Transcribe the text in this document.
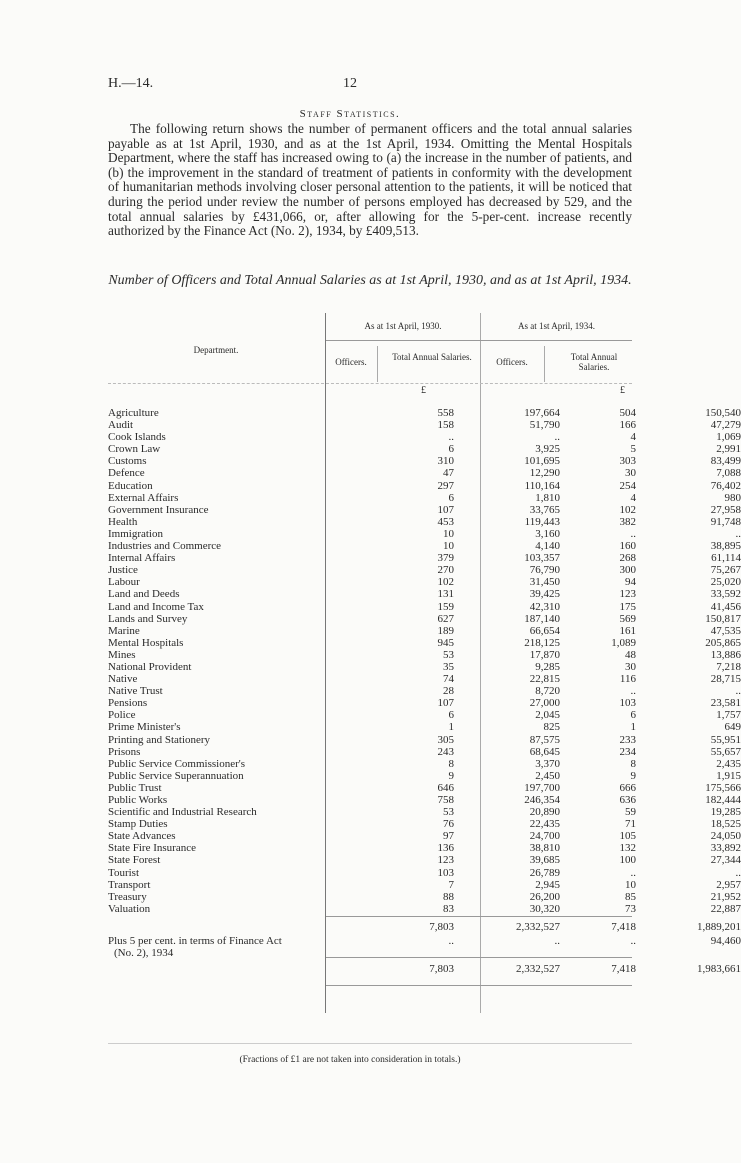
H.—14.	12
Staff Statistics.

The following return shows the number of permanent officers and the total annual salaries payable as at 1st April, 1930, and as at the 1st April, 1934. Omitting the Mental Hospitals Department, where the staff has increased owing to (a) the increase in the number of patients, and (b) the improvement in the standard of treatment of patients in conformity with the development of humanitarian methods involving closer personal attention to the patients, it will be noticed that during the period under review the number of persons employed has decreased by 529, and the total annual salaries by £431,066, or, after allowing for the 5-per-cent. increase recently authorized by the Finance Act (No. 2), 1934, by £409,513.

Number of Officers and Total Annual Salaries as at 1st April, 1930, and as at 1st April, 1934.

Department.
As at 1st April, 1930.	As at 1st April, 1934.
Officers.	Total Annual Salaries.	Officers.	Total Annual Salaries.
£	£
Agriculture	558	197,664	504	150,540
Audit	158	51,790	166	47,279
Cook Islands	..	..	4	1,069
Crown Law	6	3,925	5	2,991
Customs	310	101,695	303	83,499
Defence	47	12,290	30	7,088
Education	297	110,164	254	76,402
External Affairs	6	1,810	4	980
Government Insurance	107	33,765	102	27,958
Health	453	119,443	382	91,748
Immigration	10	3,160	..	..
Industries and Commerce	10	4,140	160	38,895
Internal Affairs	379	103,357	268	61,114
Justice	270	76,790	300	75,267
Labour	102	31,450	94	25,020
Land and Deeds	131	39,425	123	33,592
Land and Income Tax	159	42,310	175	41,456
Lands and Survey	627	187,140	569	150,817
Marine	189	66,654	161	47,535
Mental Hospitals	945	218,125	1,089	205,865
Mines	53	17,870	48	13,886
National Provident	35	9,285	30	7,218
Native	74	22,815	116	28,715
Native Trust	28	8,720	..	..
Pensions	107	27,000	103	23,581
Police	6	2,045	6	1,757
Prime Minister's	1	825	1	649
Printing and Stationery	305	87,575	233	55,951
Prisons	243	68,645	234	55,657
Public Service Commissioner's	8	3,370	8	2,435
Public Service Superannuation	9	2,450	9	1,915
Public Trust	646	197,700	666	175,566
Public Works	758	246,354	636	182,444
Scientific and Industrial Research	53	20,890	59	19,285
Stamp Duties	76	22,435	71	18,525
State Advances	97	24,700	105	24,050
State Fire Insurance	136	38,810	132	33,892
State Forest	123	39,685	100	27,344
Tourist	103	26,789	..	..
Transport	7	2,945	10	2,957
Treasury	88	26,200	85	21,952
Valuation	83	30,320	73	22,887
7,803	2,332,527	7,418	1,889,201
Plus 5 per cent. in terms of Finance Act
(No. 2), 1934
..	..	..	94,460
7,803	2,332,527	7,418	1,983,661
(Fractions of £1 are not taken into consideration in totals.)
